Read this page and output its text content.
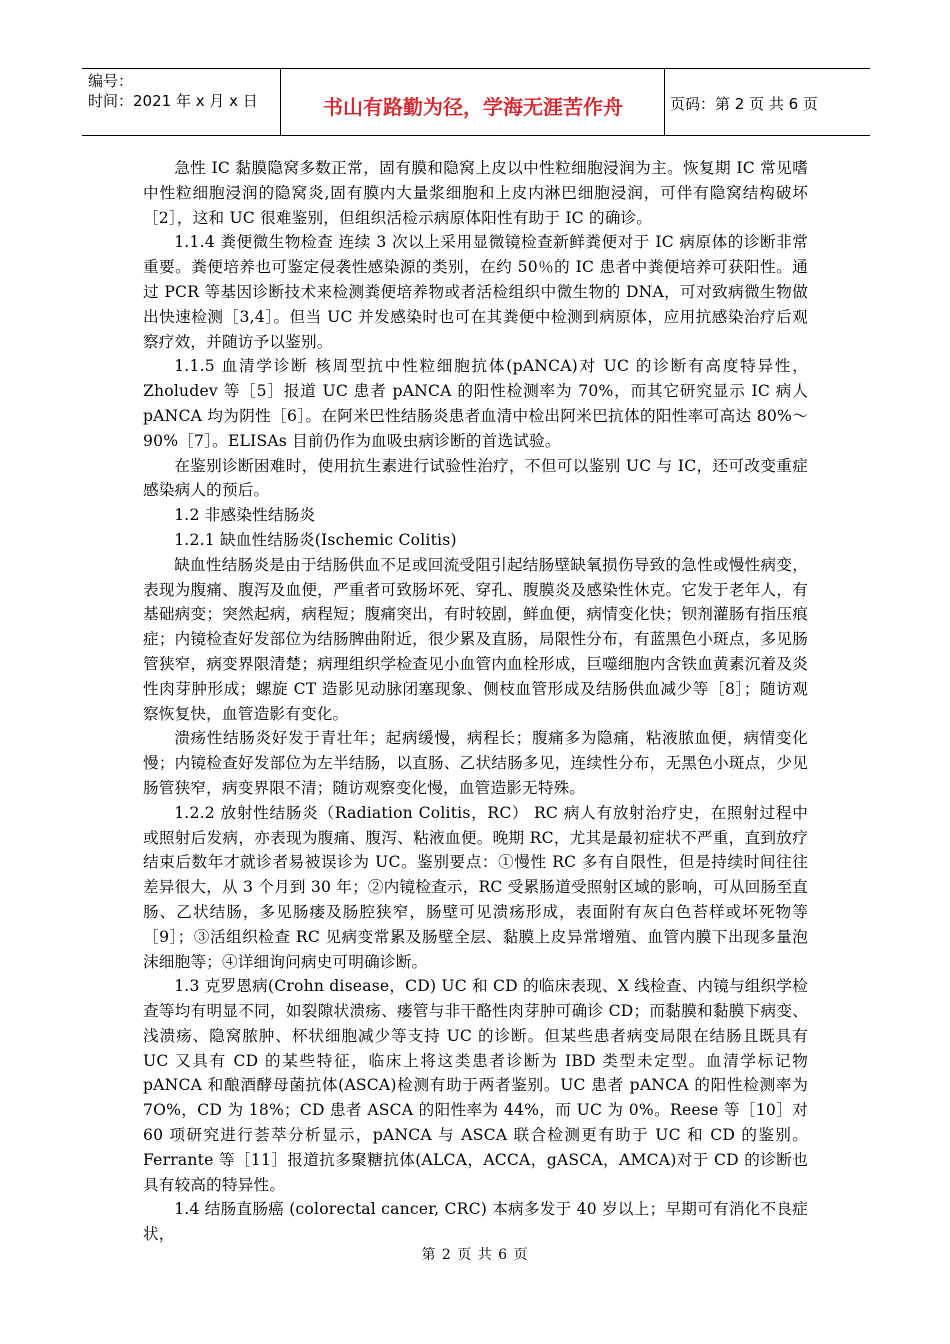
编号：
时间：2021 年 x 月 x 日	书山有路勤为径，学海无涯苦作舟	页码：第 2 页 共 6 页

急性 IC 黏膜隐窝多数正常，固有膜和隐窝上皮以中性粒细胞浸润为主。恢复期 IC 常见嗜中性粒细胞浸润的隐窝炎,固有膜内大量浆细胞和上皮内淋巴细胞浸润，可伴有隐窝结构破坏［2］，这和 UC 很难鉴别，但组织活检示病原体阳性有助于 IC 的确诊。

1.1.4 粪便微生物检查 连续 3 次以上采用显微镜检查新鲜粪便对于 IC 病原体的诊断非常重要。粪便培养也可鉴定侵袭性感染源的类别，在约 50％的 IC 患者中粪便培养可获阳性。通过 PCR 等基因诊断技术来检测粪便培养物或者活检组织中微生物的 DNA，可对致病微生物做出快速检测［3,4］。但当 UC 并发感染时也可在其粪便中检测到病原体，应用抗感染治疗后观察疗效，并随访予以鉴别。

1.1.5 血清学诊断 核周型抗中性粒细胞抗体(pANCA)对 UC 的诊断有高度特异性，Zholudev 等［5］报道 UC 患者 pANCA 的阳性检测率为 70%，而其它研究显示 IC 病人 pANCA 均为阴性［6］。在阿米巴性结肠炎患者血清中检出阿米巴抗体的阳性率可高达 80%～90%［7］。ELISAs 目前仍作为血吸虫病诊断的首选试验。

在鉴别诊断困难时，使用抗生素进行试验性治疗，不但可以鉴别 UC 与 IC，还可改变重症感染病人的预后。

1.2 非感染性结肠炎

1.2.1 缺血性结肠炎(Ischemic Colitis)

缺血性结肠炎是由于结肠供血不足或回流受阻引起结肠壁缺氧损伤导致的急性或慢性病变，表现为腹痛、腹泻及血便，严重者可致肠坏死、穿孔、腹膜炎及感染性休克。它发于老年人，有基础病变；突然起病，病程短；腹痛突出，有时较剧，鲜血便，病情变化快；钡剂灌肠有指压痕症；内镜检查好发部位为结肠脾曲附近，很少累及直肠，局限性分布，有蓝黑色小斑点，多见肠管狭窄，病变界限清楚；病理组织学检查见小血管内血栓形成，巨噬细胞内含铁血黄素沉着及炎性肉芽肿形成；螺旋 CT 造影见动脉闭塞现象、侧枝血管形成及结肠供血减少等［8］；随访观察恢复快，血管造影有变化。

溃疡性结肠炎好发于青壮年；起病缓慢，病程长；腹痛多为隐痛，粘液脓血便，病情变化慢；内镜检查好发部位为左半结肠，以直肠、乙状结肠多见，连续性分布，无黑色小斑点，少见肠管狭窄，病变界限不清；随访观察变化慢，血管造影无特殊。

1.2.2 放射性结肠炎（Radiation Colitis，RC） RC 病人有放射治疗史，在照射过程中或照射后发病，亦表现为腹痛、腹泻、粘液血便。晚期 RC，尤其是最初症状不严重，直到放疗结束后数年才就诊者易被误诊为 UC。鉴别要点：①慢性 RC 多有自限性，但是持续时间往往差异很大，从 3 个月到 30 年；②内镜检查示，RC 受累肠道受照射区域的影响，可从回肠至直肠、乙状结肠，多见肠瘘及肠腔狭窄，肠壁可见溃疡形成，表面附有灰白色苔样或坏死物等［9］；③活组织检查 RC 见病变常累及肠壁全层、黏膜上皮异常增殖、血管内膜下出现多量泡沫细胞等；④详细询问病史可明确诊断。

1.3 克罗恩病(Crohn disease，CD) UC 和 CD 的临床表现、X 线检查、内镜与组织学检查等均有明显不同，如裂隙状溃疡、瘘管与非干酪性肉芽肿可确诊 CD；而黏膜和黏膜下病变、浅溃疡、隐窝脓肿、杯状细胞减少等支持 UC 的诊断。但某些患者病变局限在结肠且既具有 UC 又具有 CD 的某些特征，临床上将这类患者诊断为 IBD 类型未定型。血清学标记物 pANCA 和酿酒酵母菌抗体(ASCA)检测有助于两者鉴别。UC 患者 pANCA 的阳性检测率为 7O%，CD 为 18%；CD 患者 ASCA 的阳性率为 44%，而 UC 为 0%。Reese 等［10］对 60 项研究进行荟萃分析显示，pANCA 与 ASCA 联合检测更有助于 UC 和 CD 的鉴别。Ferrante 等［11］报道抗多聚糖抗体(ALCA，ACCA，gASCA，AMCA)对于 CD 的诊断也具有较高的特异性。

1.4 结肠直肠癌 (colorectal cancer, CRC) 本病多发于 40 岁以上；早期可有消化不良症状，

第 2 页 共 6 页
